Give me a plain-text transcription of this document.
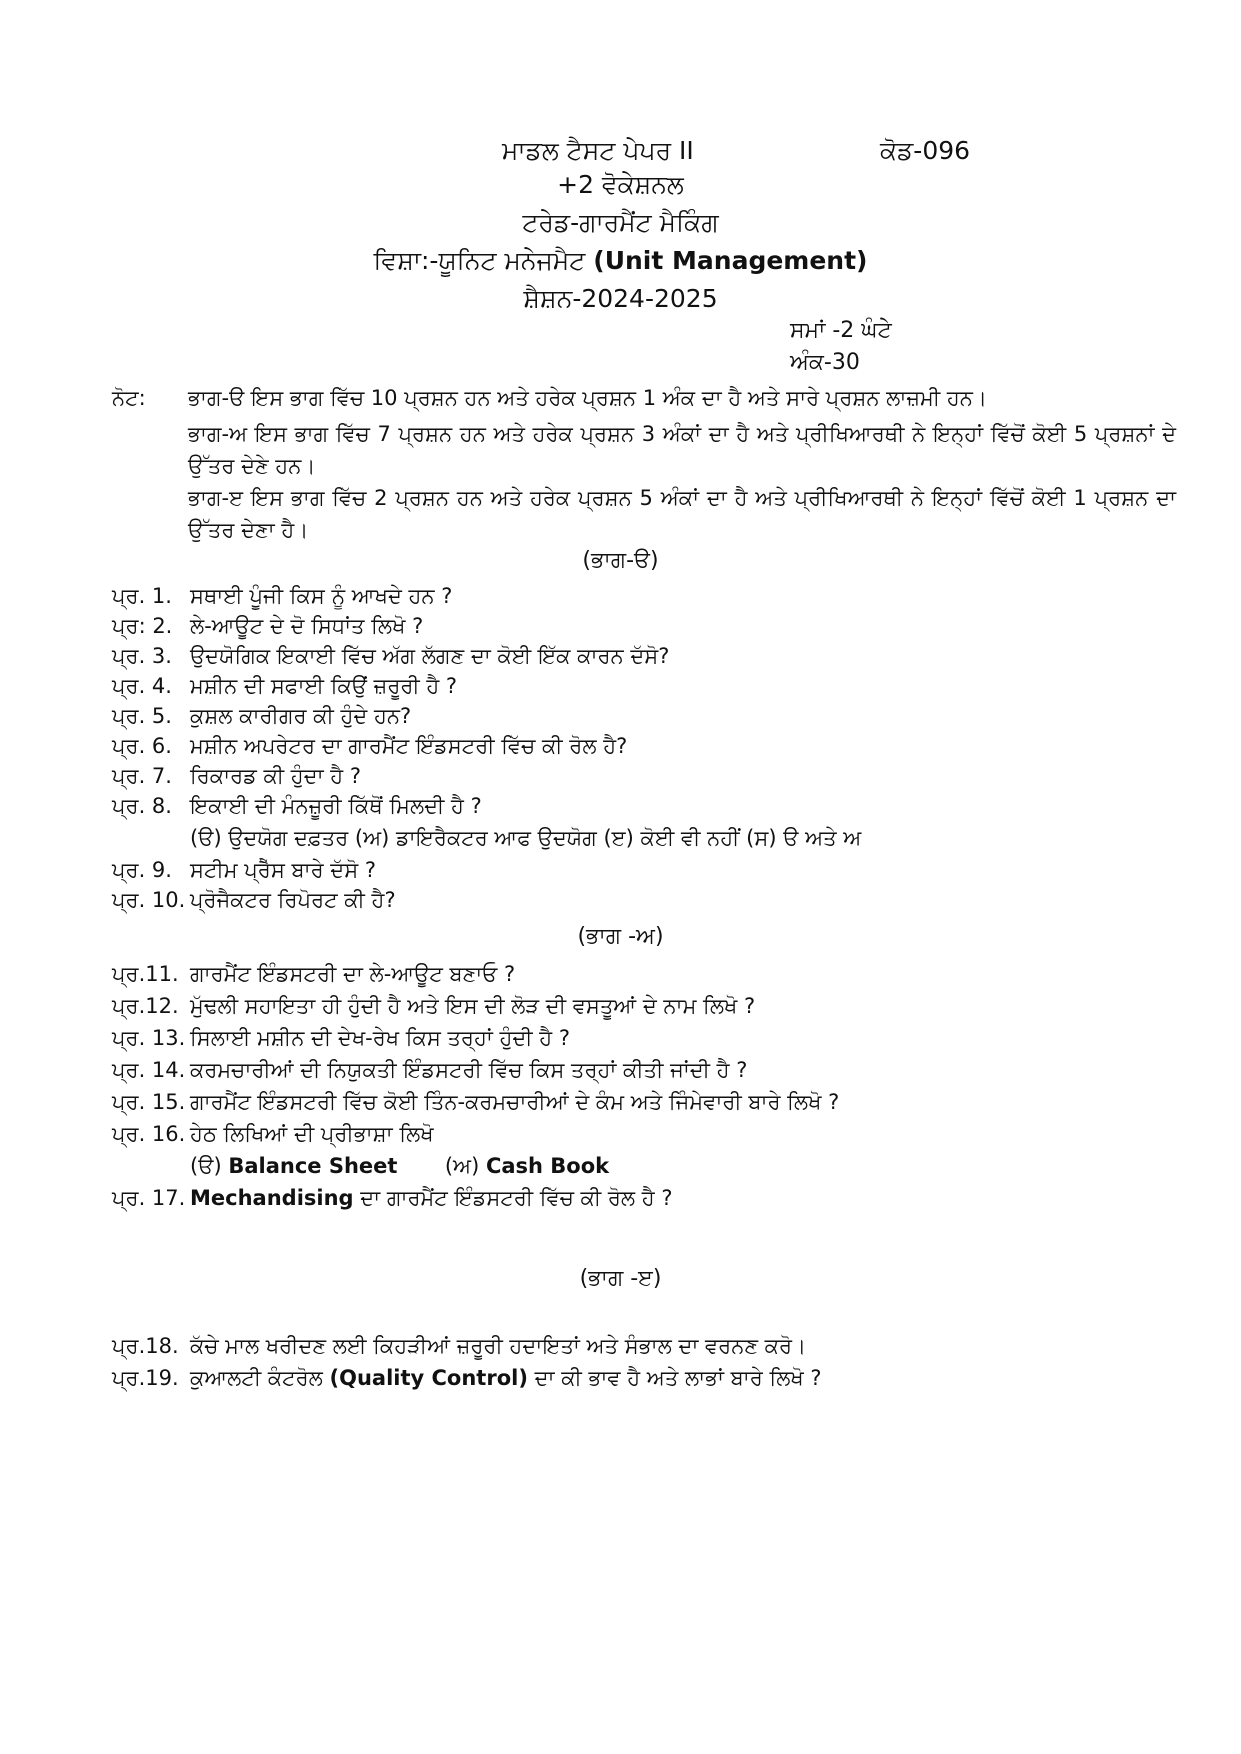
ਮਾਡਲ ਟੈਸਟ ਪੇਪਰ II	ਕੋਡ-096
+2 ਵੋਕੇਸ਼ਨਲ
ਟਰੇਡ-ਗਾਰਮੈਂਟ ਮੈਕਿੰਗ
ਵਿਸ਼ਾ:-ਯੂਨਿਟ ਮਨੇਜਮੈਟ (Unit Management)
ਸ਼ੈਸ਼ਨ-2024-2025
ਸਮਾਂ -2 ਘੰਟੇ
ਅੰਕ-30
ਨੋਟ: ਭਾਗ-ੳ ਇਸ ਭਾਗ ਵਿੱਚ 10 ਪ੍ਰਸ਼ਨ ਹਨ ਅਤੇ ਹਰੇਕ ਪ੍ਰਸ਼ਨ 1 ਅੰਕ ਦਾ ਹੈ ਅਤੇ ਸਾਰੇ ਪ੍ਰਸ਼ਨ ਲਾਜ਼ਮੀ ਹਨ।
ਭਾਗ-ਅ ਇਸ ਭਾਗ ਵਿੱਚ 7 ਪ੍ਰਸ਼ਨ ਹਨ ਅਤੇ ਹਰੇਕ ਪ੍ਰਸ਼ਨ 3 ਅੰਕਾਂ ਦਾ ਹੈ ਅਤੇ ਪ੍ਰੀਖਿਆਰਥੀ ਨੇ ਇਨ੍ਹਾਂ ਵਿੱਚੋਂ ਕੋਈ 5 ਪ੍ਰਸ਼ਨਾਂ ਦੇ ਉੱਤਰ ਦੇਣੇ ਹਨ।
ਭਾਗ-ੲ ਇਸ ਭਾਗ ਵਿੱਚ 2 ਪ੍ਰਸ਼ਨ ਹਨ ਅਤੇ ਹਰੇਕ ਪ੍ਰਸ਼ਨ 5 ਅੰਕਾਂ ਦਾ ਹੈ ਅਤੇ ਪ੍ਰੀਖਿਆਰਥੀ ਨੇ ਇਨ੍ਹਾਂ ਵਿੱਚੋਂ ਕੋਈ 1 ਪ੍ਰਸ਼ਨ ਦਾ ਉੱਤਰ ਦੇਣਾ ਹੈ।
(ਭਾਗ-ੳ)
ਪ੍ਰ. 1. ਸਥਾਈ ਪੂੰਜੀ ਕਿਸ ਨੂੰ ਆਖਦੇ ਹਨ ?
ਪ੍ਰ: 2. ਲੇ-ਆਊਟ ਦੇ ਦੋ ਸਿਧਾਂਤ ਲਿਖੋ ?
ਪ੍ਰ. 3. ਉਦਯੋਗਿਕ ਇਕਾਈ ਵਿੱਚ ਅੱਗ ਲੱਗਣ ਦਾ ਕੋਈ ਇੱਕ ਕਾਰਨ ਦੱਸੋ?
ਪ੍ਰ. 4. ਮਸ਼ੀਨ ਦੀ ਸਫਾਈ ਕਿਉਂ ਜ਼ਰੂਰੀ ਹੈ ?
ਪ੍ਰ. 5. ਕੁਸ਼ਲ ਕਾਰੀਗਰ ਕੀ ਹੁੰਦੇ ਹਨ?
ਪ੍ਰ. 6. ਮਸ਼ੀਨ ਅਪਰੇਟਰ ਦਾ ਗਾਰਮੈਂਟ ਇੰਡਸਟਰੀ ਵਿੱਚ ਕੀ ਰੋਲ ਹੈ?
ਪ੍ਰ. 7. ਰਿਕਾਰਡ ਕੀ ਹੁੰਦਾ ਹੈ ?
ਪ੍ਰ. 8. ਇਕਾਈ ਦੀ ਮੰਨਜ਼ੂਰੀ ਕਿੱਥੋਂ ਮਿਲਦੀ ਹੈ ?
(ੳ) ਉਦਯੋਗ ਦਫ਼ਤਰ (ਅ) ਡਾਇਰੈਕਟਰ ਆਫ ਉਦਯੋਗ (ੲ) ਕੋਈ ਵੀ ਨਹੀਂ (ਸ) ੳ ਅਤੇ ਅ
ਪ੍ਰ. 9. ਸਟੀਮ ਪ੍ਰੈੱਸ ਬਾਰੇ ਦੱਸੋ ?
ਪ੍ਰ. 10. ਪ੍ਰੋਜੈਕਟਰ ਰਿਪੋਰਟ ਕੀ ਹੈ?
(ਭਾਗ -ਅ)
ਪ੍ਰ.11. ਗਾਰਮੈਂਟ ਇੰਡਸਟਰੀ ਦਾ ਲੇ-ਆਊਟ ਬਣਾਓ ?
ਪ੍ਰ.12. ਮੁੱਢਲੀ ਸਹਾਇਤਾ ਹੀ ਹੁੰਦੀ ਹੈ ਅਤੇ ਇਸ ਦੀ ਲੋੜ ਦੀ ਵਸਤੂਆਂ ਦੇ ਨਾਮ ਲਿਖੋ ?
ਪ੍ਰ. 13. ਸਿਲਾਈ ਮਸ਼ੀਨ ਦੀ ਦੇਖ-ਰੇਖ ਕਿਸ ਤਰ੍ਹਾਂ ਹੁੰਦੀ ਹੈ ?
ਪ੍ਰ. 14. ਕਰਮਚਾਰੀਆਂ ਦੀ ਨਿਯੁਕਤੀ ਇੰਡਸਟਰੀ ਵਿੱਚ ਕਿਸ ਤਰ੍ਹਾਂ ਕੀਤੀ ਜਾਂਦੀ ਹੈ ?
ਪ੍ਰ. 15. ਗਾਰਮੈਂਟ ਇੰਡਸਟਰੀ ਵਿੱਚ ਕੋਈ ਤਿੰਨ-ਕਰਮਚਾਰੀਆਂ ਦੇ ਕੰਮ ਅਤੇ ਜਿੰਮੇਵਾਰੀ ਬਾਰੇ ਲਿਖੋ ?
ਪ੍ਰ. 16. ਹੇਠ ਲਿਖਿਆਂ ਦੀ ਪ੍ਰੀਭਾਸ਼ਾ ਲਿਖੋ
(ੳ) Balance Sheet (ਅ) Cash Book
ਪ੍ਰ. 17. Mechandising ਦਾ ਗਾਰਮੈਂਟ ਇੰਡਸਟਰੀ ਵਿੱਚ ਕੀ ਰੋਲ ਹੈ ?
(ਭਾਗ -ੲ)
ਪ੍ਰ.18. ਕੱਚੇ ਮਾਲ ਖਰੀਦਣ ਲਈ ਕਿਹੜੀਆਂ ਜ਼ਰੂਰੀ ਹਦਾਇਤਾਂ ਅਤੇ ਸੰਭਾਲ ਦਾ ਵਰਨਣ ਕਰੋ।
ਪ੍ਰ.19. ਕੁਆਲਟੀ ਕੰਟਰੋਲ (Quality Control) ਦਾ ਕੀ ਭਾਵ ਹੈ ਅਤੇ ਲਾਭਾਂ ਬਾਰੇ ਲਿਖੋ ?
